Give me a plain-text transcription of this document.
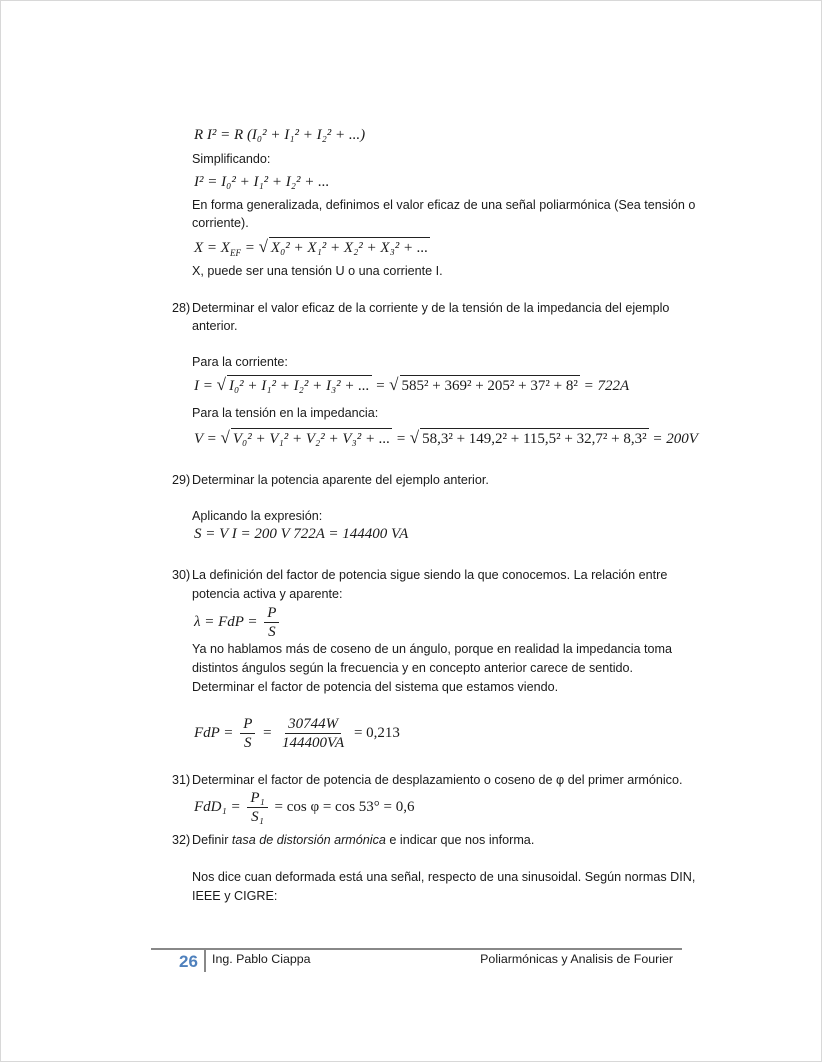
R I² = R (I₀² + I₁² + I₂² + ...)
Simplificando:
I² = I₀² + I₁² + I₂² + ...
En forma generalizada, definimos el valor eficaz de una señal poliarmónica (Sea tensión o
corriente).
$X = X_{EF}$ = √ X₀² + X₁² + X₂² + X₃² + ...
X, puede ser una tensión U o una corriente I.
28) Determinar el valor eficaz de la corriente y de la tensión de la impedancia del ejemplo
anterior.
Para la corriente:
I = √ I₀² + I₁² + I₂² + I₃² + ... = √ 585² + 369² + 205² + 37² + 8² = 722A
Para la tensión en la impedancia:
V = √ V₀² + V₁² + V₂² + V₃² + ... = √ 58,3² + 149,2² + 115,5² + 32,7² + 8,3² = 200V
29) Determinar la potencia aparente del ejemplo anterior.
Aplicando la expresión:
S = V I = 200 V 722A = 144400 VA
30) La definición del factor de potencia sigue siendo la que conocemos. La relación entre
potencia activa y aparente:
λ = FdP = $\frac{P}{S}$
Ya no hablamos más de coseno de un ángulo, porque en realidad la impedancia toma
distintos ángulos según la frecuencia y en concepto anterior carece de sentido.
Determinar el factor de potencia del sistema que estamos viendo.
FdP = $\frac{P}{S} = \frac{30744W}{144400VA} = 0,213$
31) Determinar el factor de potencia de desplazamiento o coseno de φ del primer armónico.
$FdD_1 = \frac{\text{P₁}}{\text{S₁}} = \cos \varphi = \cos 53^\circ = 0,6$
32) Definir tasa de distorsión armónica e indicar que nos informa.
Nos dice cuan deformada está una señal, respecto de una sinusoidal. Según normas DIN,
IEEE y CIGRE:
26 Ing. Pablo Ciappa	Poliarmónicas y Analisis de Fourier
